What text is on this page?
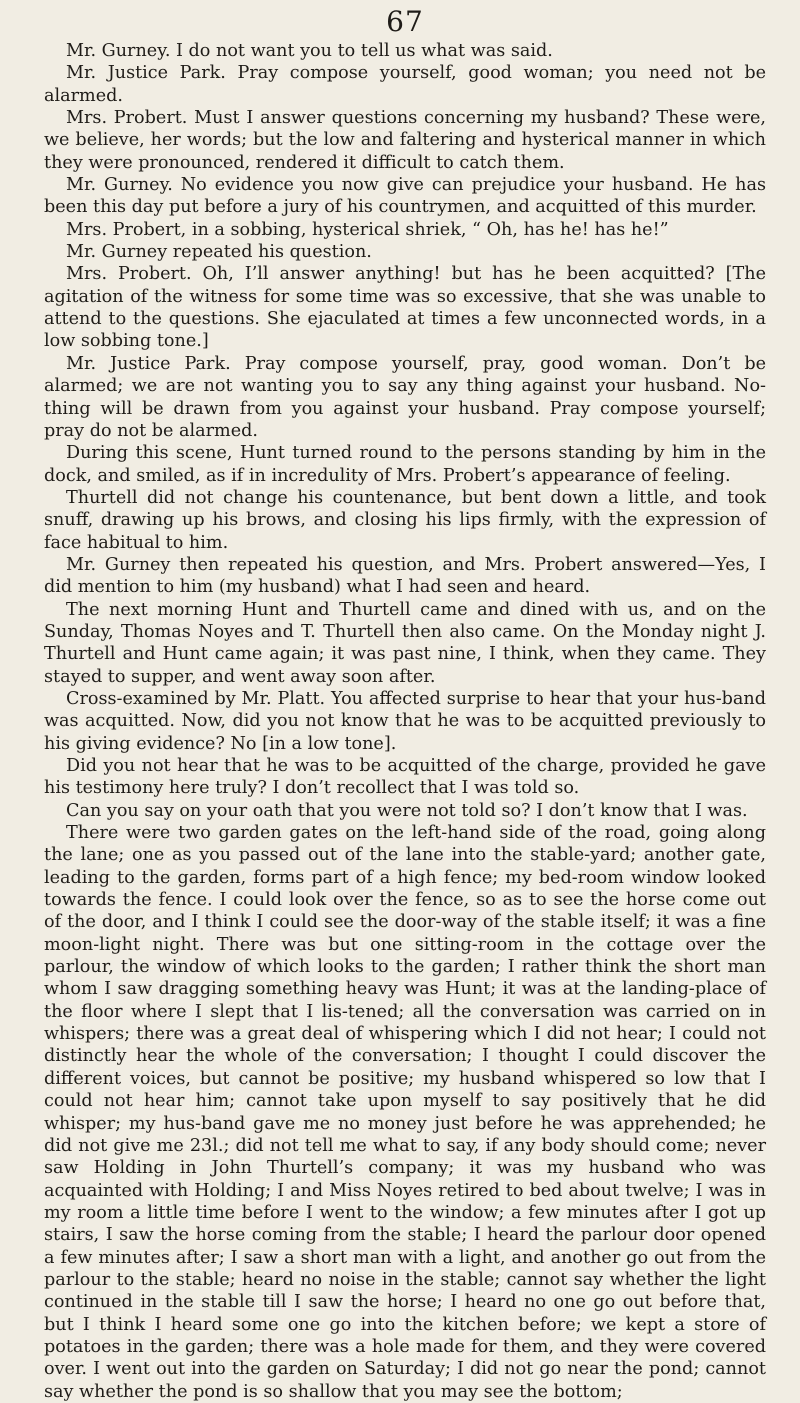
67

Mr. Gurney. I do not want you to tell us what was said.

Mr. Justice Park. Pray compose yourself, good woman; you need not be alarmed.

Mrs. Probert. Must I answer questions concerning my husband? These were, we believe, her words; but the low and faltering and hysterical manner in which they were pronounced, rendered it difficult to catch them.

Mr. Gurney. No evidence you now give can prejudice your husband. He has been this day put before a jury of his countrymen, and acquitted of this murder.

Mrs. Probert, in a sobbing, hysterical shriek, “ Oh, has he! has he!”

Mr. Gurney repeated his question.

Mrs. Probert. Oh, I’ll answer anything! but has he been acquitted? [The agitation of the witness for some time was so excessive, that she was unable to attend to the questions. She ejaculated at times a few unconnected words, in a low sobbing tone.]

Mr. Justice Park. Pray compose yourself, pray, good woman. Don’t be alarmed; we are not wanting you to say any thing against your husband. No-thing will be drawn from you against your husband. Pray compose yourself; pray do not be alarmed.

During this scene, Hunt turned round to the persons standing by him in the dock, and smiled, as if in incredulity of Mrs. Probert’s appearance of feeling.

Thurtell did not change his countenance, but bent down a little, and took snuff, drawing up his brows, and closing his lips firmly, with the expression of face habitual to him.

Mr. Gurney then repeated his question, and Mrs. Probert answered—Yes, I did mention to him (my husband) what I had seen and heard.

The next morning Hunt and Thurtell came and dined with us, and on the Sunday, Thomas Noyes and T. Thurtell then also came. On the Monday night J. Thurtell and Hunt came again; it was past nine, I think, when they came. They stayed to supper, and went away soon after.

Cross-examined by Mr. Platt. You affected surprise to hear that your hus-band was acquitted. Now, did you not know that he was to be acquitted previously to his giving evidence? No [in a low tone].

Did you not hear that he was to be acquitted of the charge, provided he gave his testimony here truly? I don’t recollect that I was told so.

Can you say on your oath that you were not told so? I don’t know that I was.

There were two garden gates on the left-hand side of the road, going along the lane; one as you passed out of the lane into the stable-yard; another gate, leading to the garden, forms part of a high fence; my bed-room window looked towards the fence. I could look over the fence, so as to see the horse come out of the door, and I think I could see the door-way of the stable itself; it was a fine moon-light night. There was but one sitting-room in the cottage over the parlour, the window of which looks to the garden; I rather think the short man whom I saw dragging something heavy was Hunt; it was at the landing-place of the floor where I slept that I lis-tened; all the conversation was carried on in whispers; there was a great deal of whispering which I did not hear; I could not distinctly hear the whole of the conversation; I thought I could discover the different voices, but cannot be positive; my husband whispered so low that I could not hear him; cannot take upon myself to say positively that he did whisper; my hus-band gave me no money just before he was apprehended; he did not give me 23l.; did not tell me what to say, if any body should come; never saw Holding in John Thurtell’s company; it was my husband who was acquainted with Holding; I and Miss Noyes retired to bed about twelve; I was in my room a little time before I went to the window; a few minutes after I got up stairs, I saw the horse coming from the stable; I heard the parlour door opened a few minutes after; I saw a short man with a light, and another go out from the parlour to the stable; heard no noise in the stable; cannot say whether the light continued in the stable till I saw the horse; I heard no one go out before that, but I think I heard some one go into the kitchen before; we kept a store of potatoes in the garden; there was a hole made for them, and they were covered over. I went out into the garden on Saturday; I did not go near the pond; cannot say whether the pond is so shallow that you may see the bottom;
